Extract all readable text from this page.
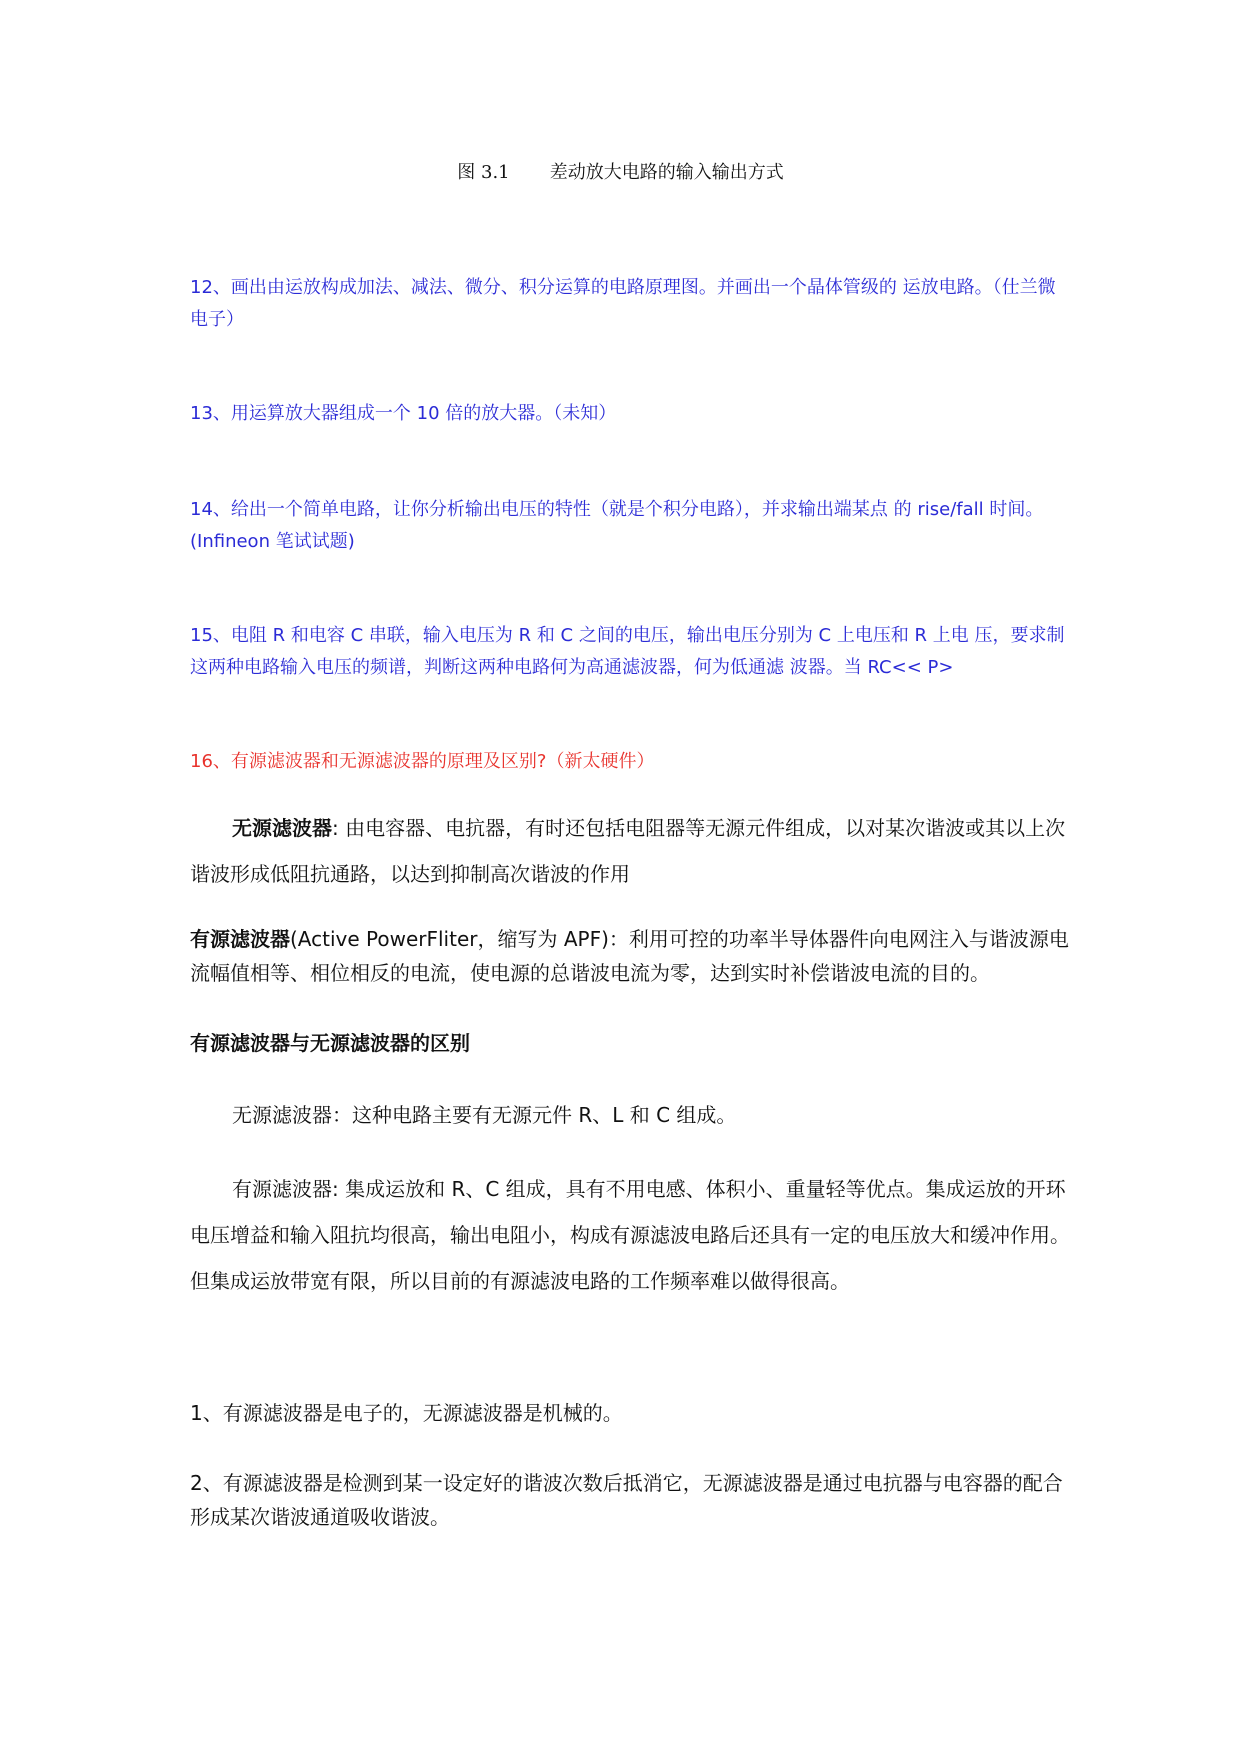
图 3.1 差动放大电路的输入输出方式

12、画出由运放构成加法、减法、微分、积分运算的电路原理图。并画出一个晶体管级的 运放电路。（仕兰微电子）

13、用运算放大器组成一个 10 倍的放大器。（未知）

14、给出一个简单电路，让你分析输出电压的特性（就是个积分电路），并求输出端某点 的 rise/fall 时间。(Infineon 笔试试题)

15、电阻 R 和电容 C 串联，输入电压为 R 和 C 之间的电压，输出电压分别为 C 上电压和 R 上电 压，要求制这两种电路输入电压的频谱，判断这两种电路何为高通滤波器，何为低通滤 波器。当 RC<< P>

16、有源滤波器和无源滤波器的原理及区别?（新太硬件）

无源滤波器: 由电容器、电抗器，有时还包括电阻器等无源元件组成，以对某次谐波或其以上次谐波形成低阻抗通路，以达到抑制高次谐波的作用

有源滤波器(Active PowerFliter，缩写为 APF)：利用可控的功率半导体器件向电网注入与谐波源电流幅值相等、相位相反的电流，使电源的总谐波电流为零，达到实时补偿谐波电流的目的。

有源滤波器与无源滤波器的区别

无源滤波器：这种电路主要有无源元件 R、L 和 C 组成。

有源滤波器: 集成运放和 R、C 组成，具有不用电感、体积小、重量轻等优点。集成运放的开环电压增益和输入阻抗均很高，输出电阻小，构成有源滤波电路后还具有一定的电压放大和缓冲作用。但集成运放带宽有限，所以目前的有源滤波电路的工作频率难以做得很高。

1、有源滤波器是电子的，无源滤波器是机械的。

2、有源滤波器是检测到某一设定好的谐波次数后抵消它，无源滤波器是通过电抗器与电容器的配合形成某次谐波通道吸收谐波。
